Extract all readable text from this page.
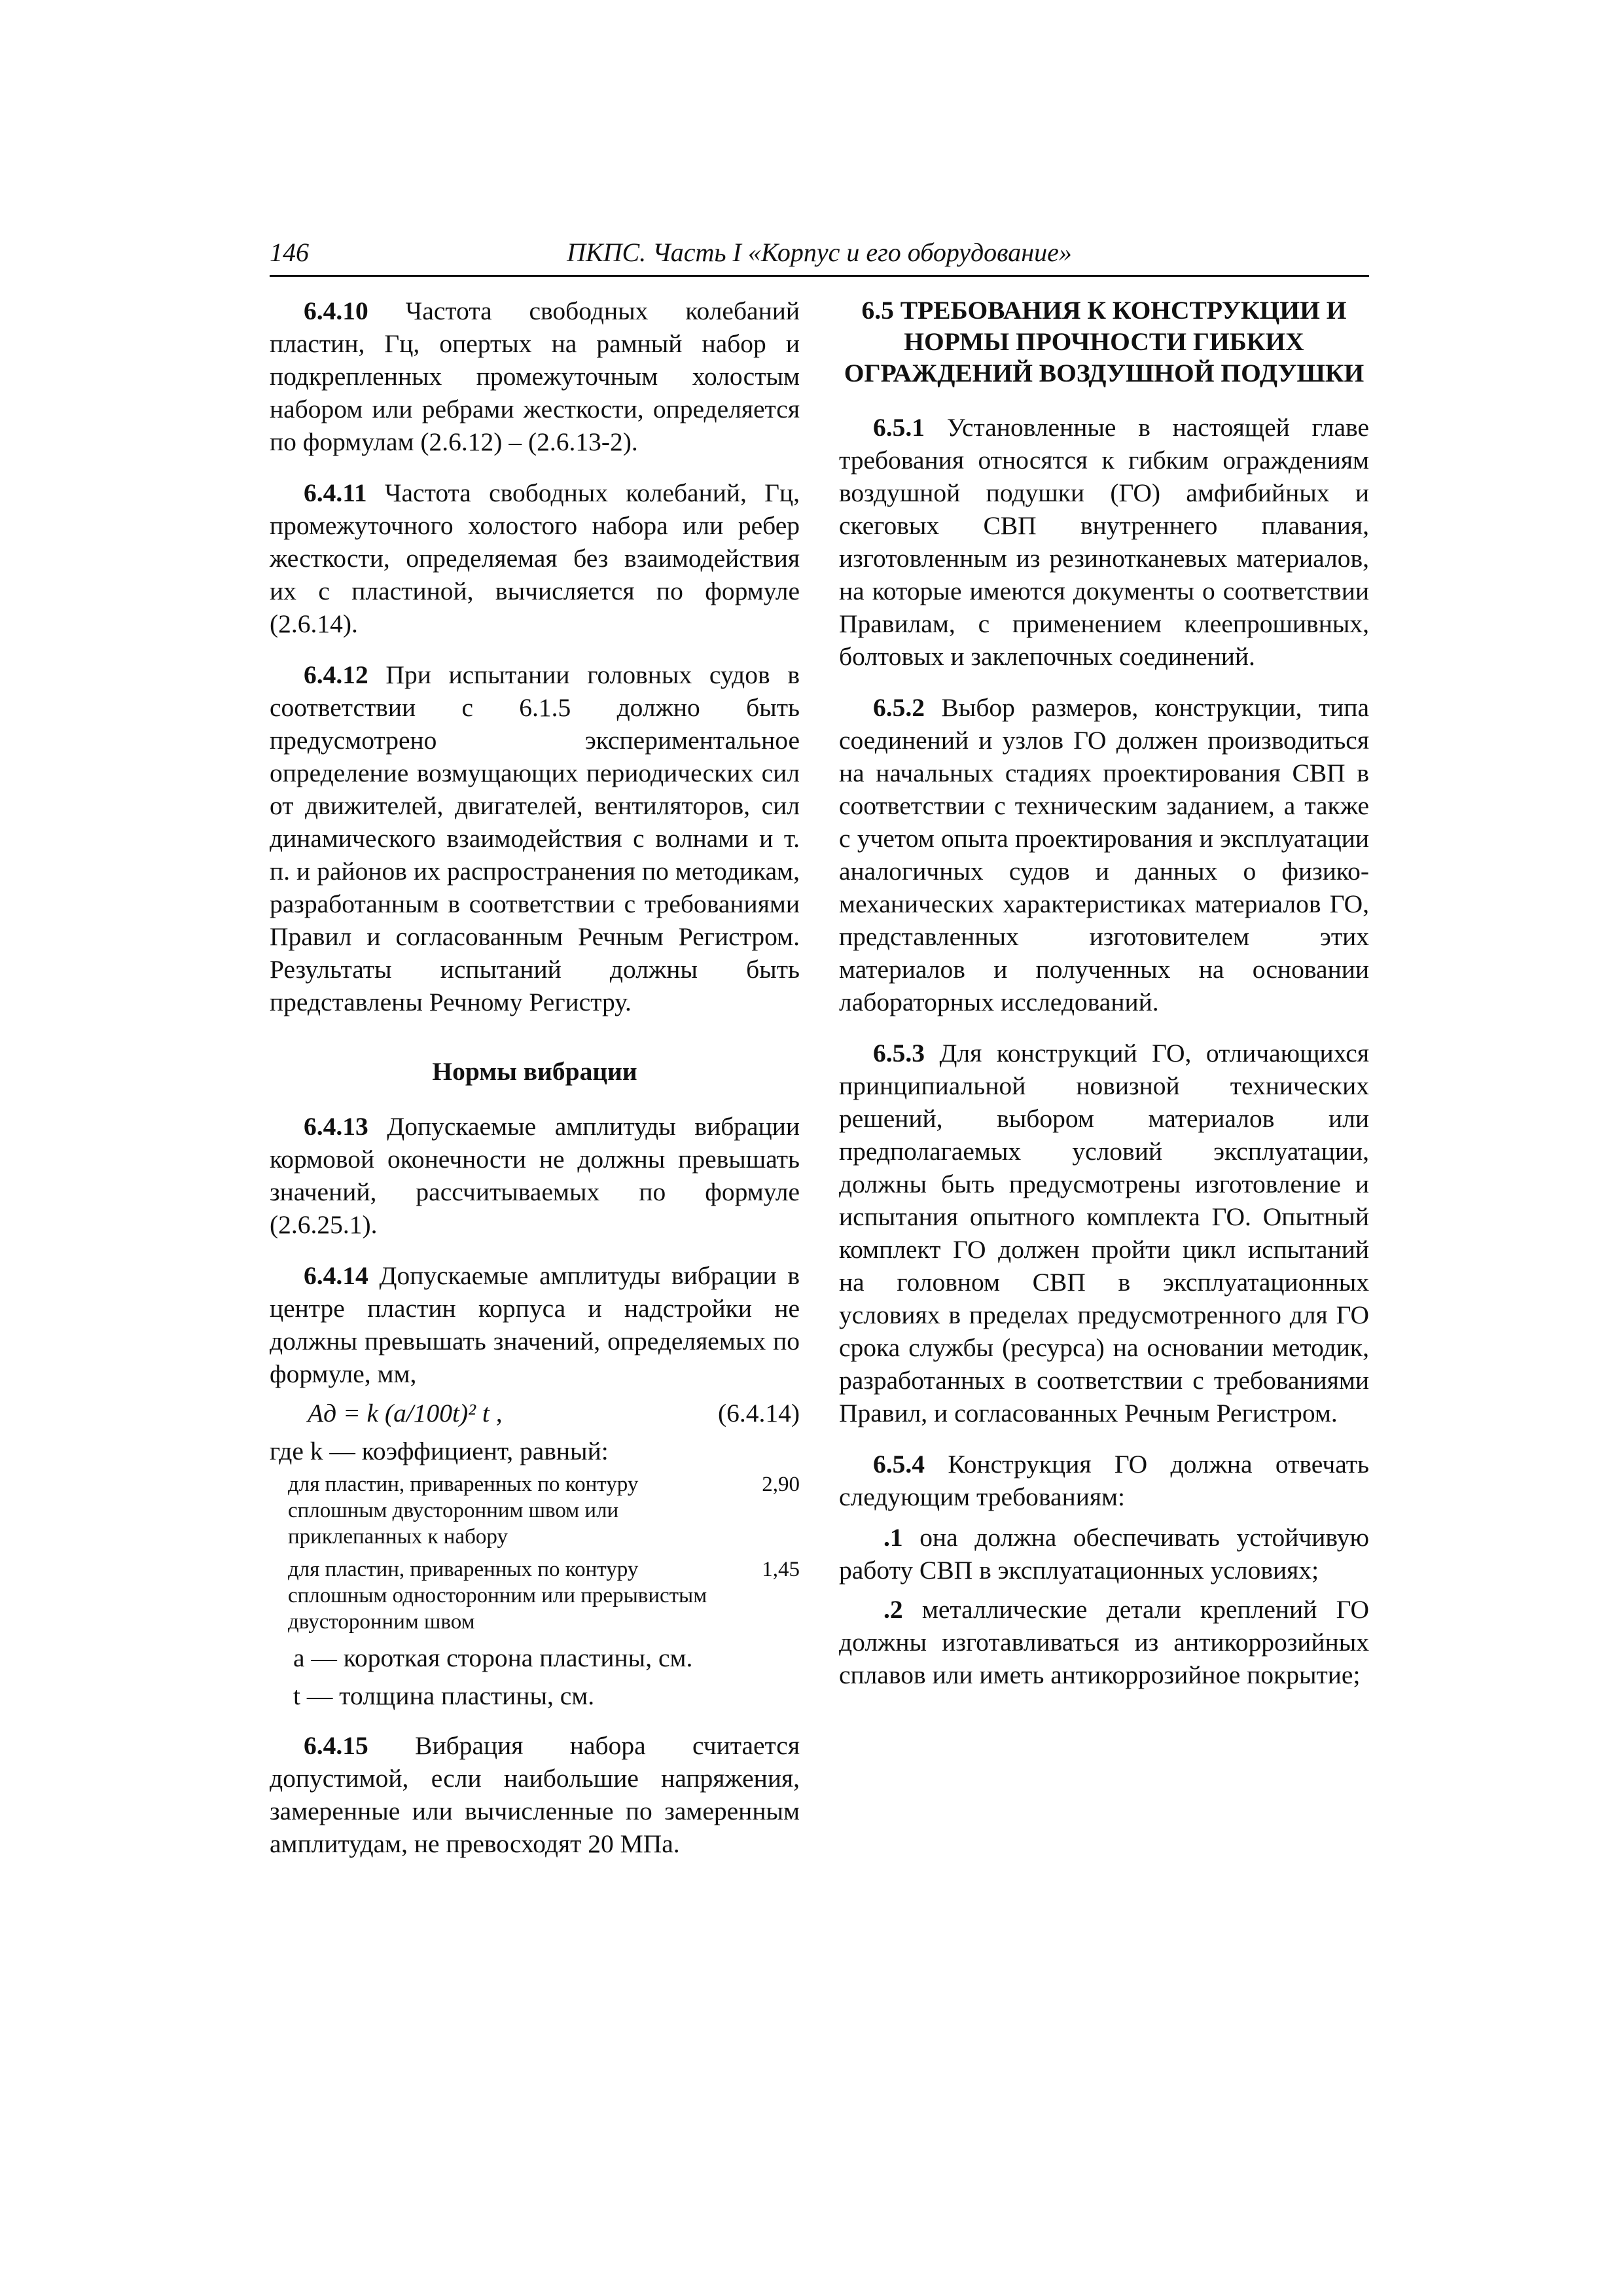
146	ПКПС. Часть I «Корпус и его оборудование»

6.4.10 Частота свободных колебаний пластин, Гц, опертых на рамный набор и подкрепленных промежуточным холостым набором или ребрами жесткости, определяется по формулам (2.6.12) – (2.6.13-2).

6.4.11 Частота свободных колебаний, Гц, промежуточного холостого набора или ребер жесткости, определяемая без взаимодействия их с пластиной, вычисляется по формуле (2.6.14).

6.4.12 При испытании головных судов в соответствии с 6.1.5 должно быть предусмотрено экспериментальное определение возмущающих периодических сил от движителей, двигателей, вентиляторов, сил динамического взаимодействия с волнами и т. п. и районов их распространения по методикам, разработанным в соответствии с требованиями Правил и согласованным Речным Регистром. Результаты испытаний должны быть представлены Речному Регистру.

Нормы вибрации

6.4.13 Допускаемые амплитуды вибрации кормовой оконечности не должны превышать значений, рассчитываемых по формуле (2.6.25.1).

6.4.14 Допускаемые амплитуды вибрации в центре пластин корпуса и надстройки не должны превышать значений, определяемых по формуле, мм,

Aд = k (a/100t)² t ,	(6.4.14)

где k — коэффициент, равный:

для пластин, приваренных по контуру сплошным двусторонним швом или приклепанных к набору
2,90
для пластин, приваренных по контуру сплошным односторонним или прерывистым двусторонним швом
1,45

a — короткая сторона пластины, см.

t — толщина пластины, см.

6.4.15 Вибрация набора считается допустимой, если наибольшие напряжения, замеренные или вычисленные по замеренным амплитудам, не превосходят 20 МПа.

6.5 ТРЕБОВАНИЯ К КОНСТРУКЦИИ И НОРМЫ ПРОЧНОСТИ ГИБКИХ ОГРАЖДЕНИЙ ВОЗДУШНОЙ ПОДУШКИ

6.5.1 Установленные в настоящей главе требования относятся к гибким ограждениям воздушной подушки (ГО) амфибийных и скеговых СВП внутреннего плавания, изготовленным из резинотканевых материалов, на которые имеются документы о соответствии Правилам, с применением клеепрошивных, болтовых и заклепочных соединений.

6.5.2 Выбор размеров, конструкции, типа соединений и узлов ГО должен производиться на начальных стадиях проектирования СВП в соответствии с техническим заданием, а также с учетом опыта проектирования и эксплуатации аналогичных судов и данных о физико-механических характеристиках материалов ГО, представленных изготовителем этих материалов и полученных на основании лабораторных исследований.

6.5.3 Для конструкций ГО, отличающихся принципиальной новизной технических решений, выбором материалов или предполагаемых условий эксплуатации, должны быть предусмотрены изготовление и испытания опытного комплекта ГО. Опытный комплект ГО должен пройти цикл испытаний на головном СВП в эксплуатационных условиях в пределах предусмотренного для ГО срока службы (ресурса) на основании методик, разработанных в соответствии с требованиями Правил, и согласованных Речным Регистром.

6.5.4 Конструкция ГО должна отвечать следующим требованиям:

.1 она должна обеспечивать устойчивую работу СВП в эксплуатационных условиях;

.2 металлические детали креплений ГО должны изготавливаться из антикоррозийных сплавов или иметь антикоррозийное покрытие;
